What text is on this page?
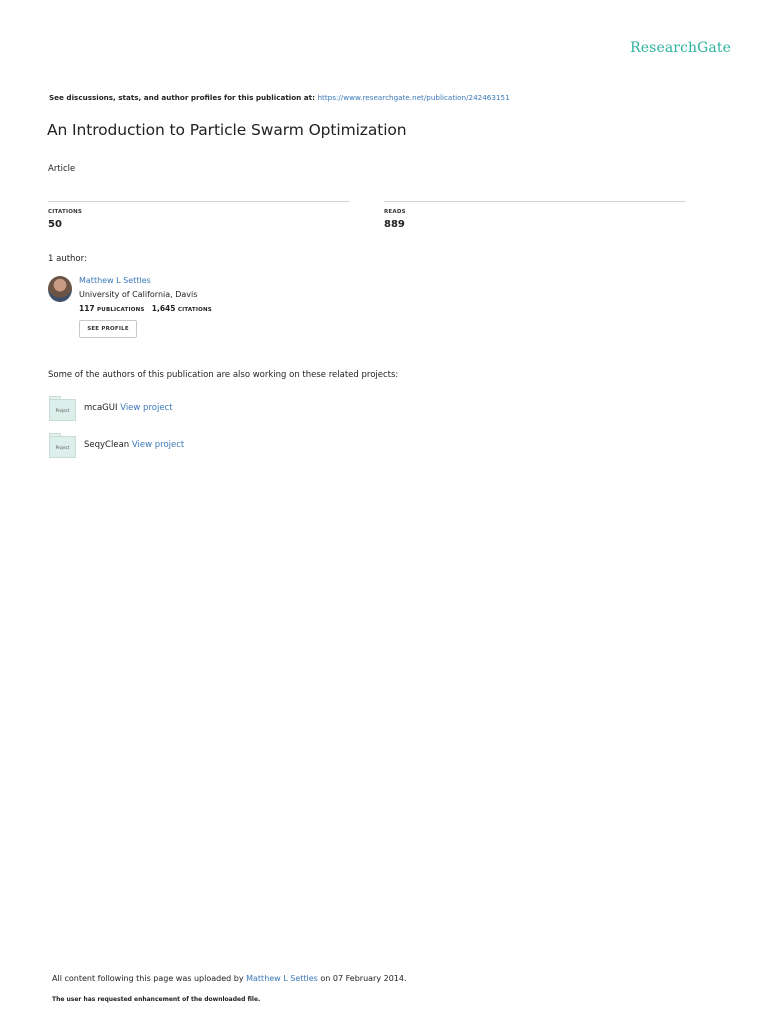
ResearchGate
See discussions, stats, and author profiles for this publication at: https://www.researchgate.net/publication/242463151
An Introduction to Particle Swarm Optimization
Article
CITATIONS
50
READS
889
1 author:
Matthew L Settles
University of California, Davis
117 PUBLICATIONS 1,645 CITATIONS
SEE PROFILE
Some of the authors of this publication are also working on these related projects:
Project	mcaGUI View project
Project	SeqyClean View project
All content following this page was uploaded by Matthew L Settles on 07 February 2014.
The user has requested enhancement of the downloaded file.
